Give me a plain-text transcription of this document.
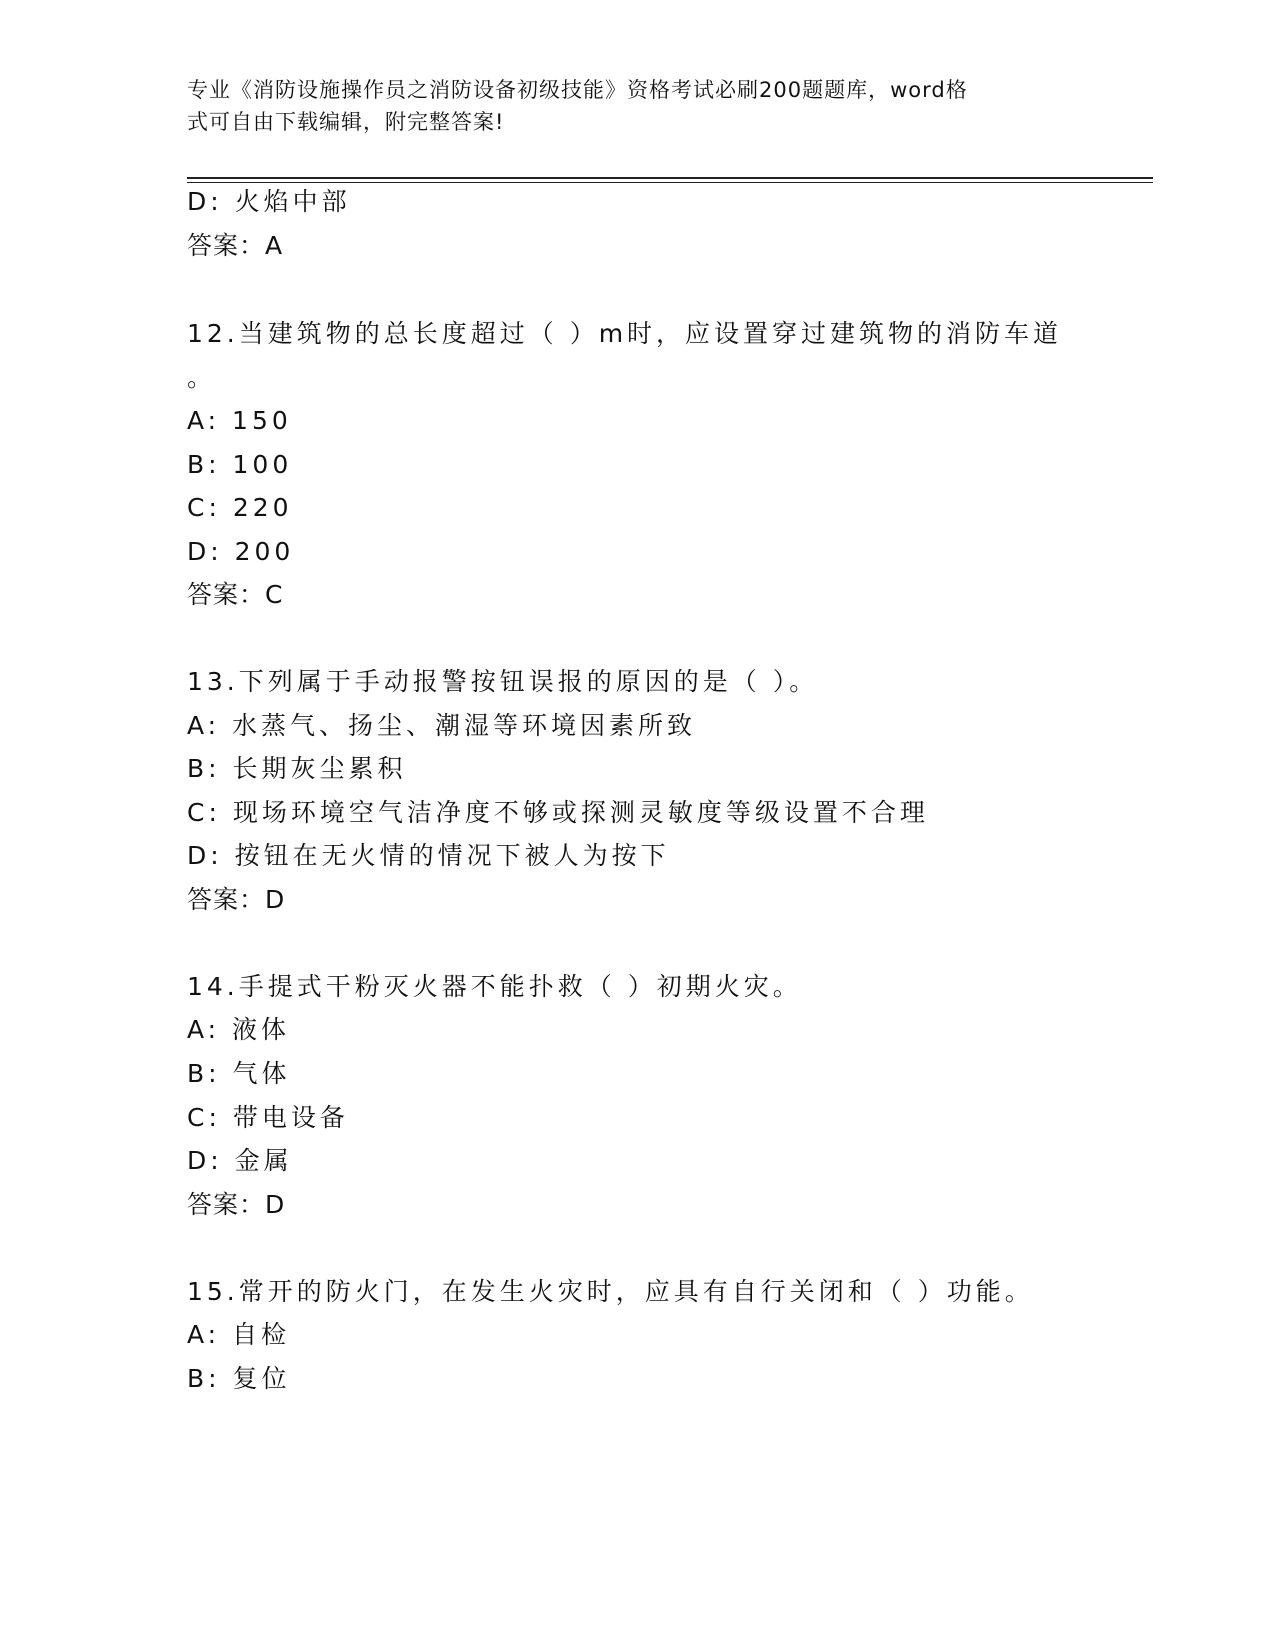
专业《消防设施操作员之消防设备初级技能》资格考试必刷200题题库，word格
式可自由下载编辑，附完整答案!
D: 火焰中部
答案：A
12.当建筑物的总长度超过（ ）m时，应设置穿过建筑物的消防车道
。
A: 150
B: 100
C: 220
D: 200
答案：C
13.下列属于手动报警按钮误报的原因的是（ ）。
A: 水蒸气、扬尘、潮湿等环境因素所致
B: 长期灰尘累积
C: 现场环境空气洁净度不够或探测灵敏度等级设置不合理
D: 按钮在无火情的情况下被人为按下
答案：D
14.手提式干粉灭火器不能扑救（ ）初期火灾。
A: 液体
B: 气体
C: 带电设备
D: 金属
答案：D
15.常开的防火门，在发生火灾时，应具有自行关闭和（ ）功能。
A: 自检
B: 复位
